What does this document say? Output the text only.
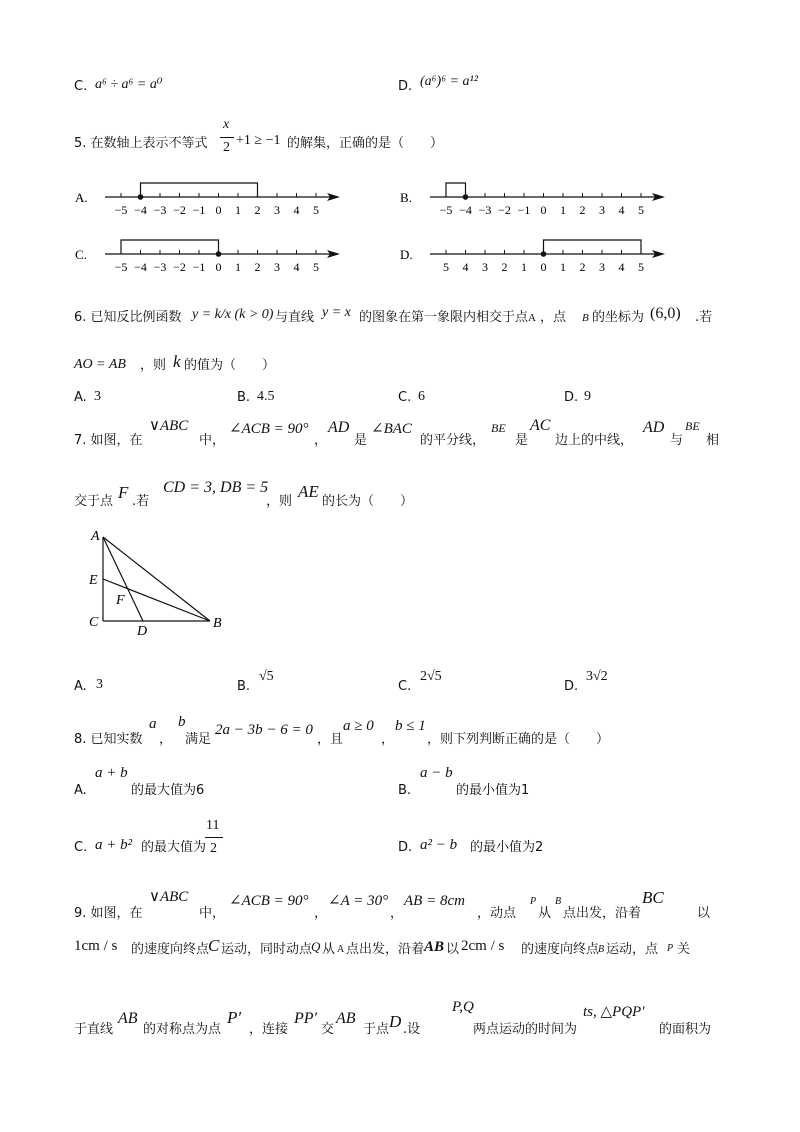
C. a⁶ ÷ a⁶ = a⁰	D. (a⁶)⁶ = a¹²
5. 在数轴上表示不等式
x
2 +1 ≥ −1 的解集，正确的是（　　）
A.
−5 −4 −3 −2 −1 0 1 2 3 4 5
B.
−5 −4 −3 −2 −1 0 1 2 3 4 5
C.
−5 −4 −3 −2 −1 0 1 2 3 4 5
D.
5 4 3 2 1 0 1 2 3 4 5
6. 已知反比例函数 y = k/x (k > 0) 与直线 y = x 的图象在第一象限内相交于点 A ，点 B 的坐标为 (6,0) .若
AO = AB ，则 k 的值为（　　）
A. 3	B. 4.5	C. 6	D. 9
7. 如图，在
∨ABC
中，
∠ACB = 90°
，
AD
是
∠BAC
的平分线，
BE
是
AC
边上的中线，
AD
与
BE
相
交于点 F .若
CD = 3, DB = 5
，则
AE
的长为（　　）
A
E
F
C
D
B
A. 3	B.
√5
C.
2√5
D.
3√2
8. 已知实数
a
，
b
满足
2a − 3b − 6 = 0
，且
a ≥ 0
，
b ≤ 1
，则下列判断正确的是（　　）
A.
a + b
的最大值为6	B.
a − b
的最小值为1
C. a + b² 的最大值为
11
2	D. a² − b 的最小值为2
9. 如图，在
∨ABC
中，
∠ACB = 90°
，
∠A = 30°
，
AB = 8cm
，动点
P
从
B
点出发，沿着
BC
以
1cm / s 的速度向终点
C 运动，同时动点
Q 从 A 点出发，沿着 AB 以 2cm / s 的速度向终点
B 运动，点 P 关
于直线
AB
的对称点为点
P′
，连接
PP′
交
AB
于点 D .设
P,Q
两点运动的时间为
ts, △PQP′
的面积为
